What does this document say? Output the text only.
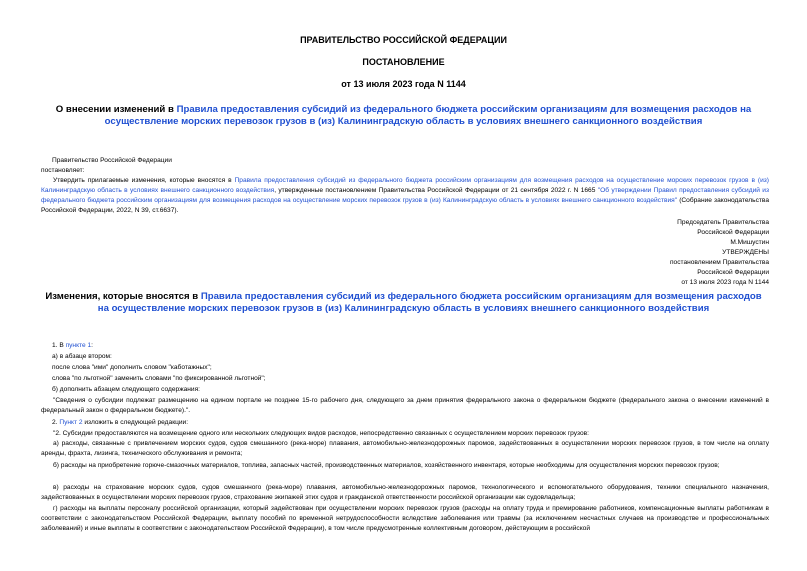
ПРАВИТЕЛЬСТВО РОССИЙСКОЙ ФЕДЕРАЦИИ
ПОСТАНОВЛЕНИЕ
от 13 июля 2023 года N 1144
О внесении изменений в Правила предоставления субсидий из федерального бюджета российским организациям для возмещения расходов на осуществление морских перевозок грузов в (из) Калининградскую область в условиях внешнего санкционного воздействия
Правительство Российской Федерации
постановляет:
Утвердить прилагаемые изменения, которые вносятся в Правила предоставления субсидий из федерального бюджета российским организациям для возмещения расходов на осуществление морских перевозок грузов в (из) Калининградскую область в условиях внешнего санкционного воздействия, утвержденные постановлением Правительства Российской Федерации от 21 сентября 2022 г. N 1665 "Об утверждении Правил предоставления субсидий из федерального бюджета российским организациям для возмещения расходов на осуществление морских перевозок грузов в (из) Калининградскую область в условиях внешнего санкционного воздействия" (Собрание законодательства Российской Федерации, 2022, N 39, ст.6637).
Председатель Правительства
Российской Федерации
М.Мишустин
УТВЕРЖДЕНЫ
постановлением Правительства
Российской Федерации
от 13 июля 2023 года N 1144
Изменения, которые вносятся в Правила предоставления субсидий из федерального бюджета российским организациям для возмещения расходов на осуществление морских перевозок грузов в (из) Калининградскую область в условиях внешнего санкционного воздействия
1. В пункте 1:
а) в абзаце втором:
после слова "ими" дополнить словом "каботажных";
слова "по льготной" заменить словами "по фиксированной льготной";
б) дополнить абзацем следующего содержания:
"Сведения о субсидии подлежат размещению на едином портале не позднее 15-го рабочего дня, следующего за днем принятия федерального закона о федеральном бюджете (федерального закона о внесении изменений в федеральный закон о федеральном бюджете).".
2. Пункт 2 изложить в следующей редакции:
"2. Субсидии предоставляются на возмещение одного или нескольких следующих видов расходов, непосредственно связанных с осуществлением морских перевозок грузов:
а) расходы, связанные с привлечением морских судов, судов смешанного (река-море) плавания, автомобильно-железнодорожных паромов, задействованных в осуществлении морских перевозок грузов, в том числе на оплату аренды, фрахта, лизинга, технического обслуживания и ремонта;
б) расходы на приобретение горюче-смазочных материалов, топлива, запасных частей, производственных материалов, хозяйственного инвентаря, которые необходимы для осуществления морских перевозок грузов;
в) расходы на страхование морских судов, судов смешанного (река-море) плавания, автомобильно-железнодорожных паромов, технологического и вспомогательного оборудования, техники специального назначения, задействованных в осуществлении морских перевозок грузов, страхование экипажей этих судов и гражданской ответственности российской организации как судовладельца;
г) расходы на выплаты персоналу российской организации, который задействован при осуществлении морских перевозок грузов (расходы на оплату труда и премирование работников, компенсационные выплаты работникам в соответствии с законодательством Российской Федерации, выплату пособий по временной нетрудоспособности вследствие заболевания или травмы (за исключением несчастных случаев на производстве и профессиональных заболеваний) и иные выплаты в соответствии с законодательством Российской Федерации), в том числе предусмотренные коллективным договором, действующим в российской
